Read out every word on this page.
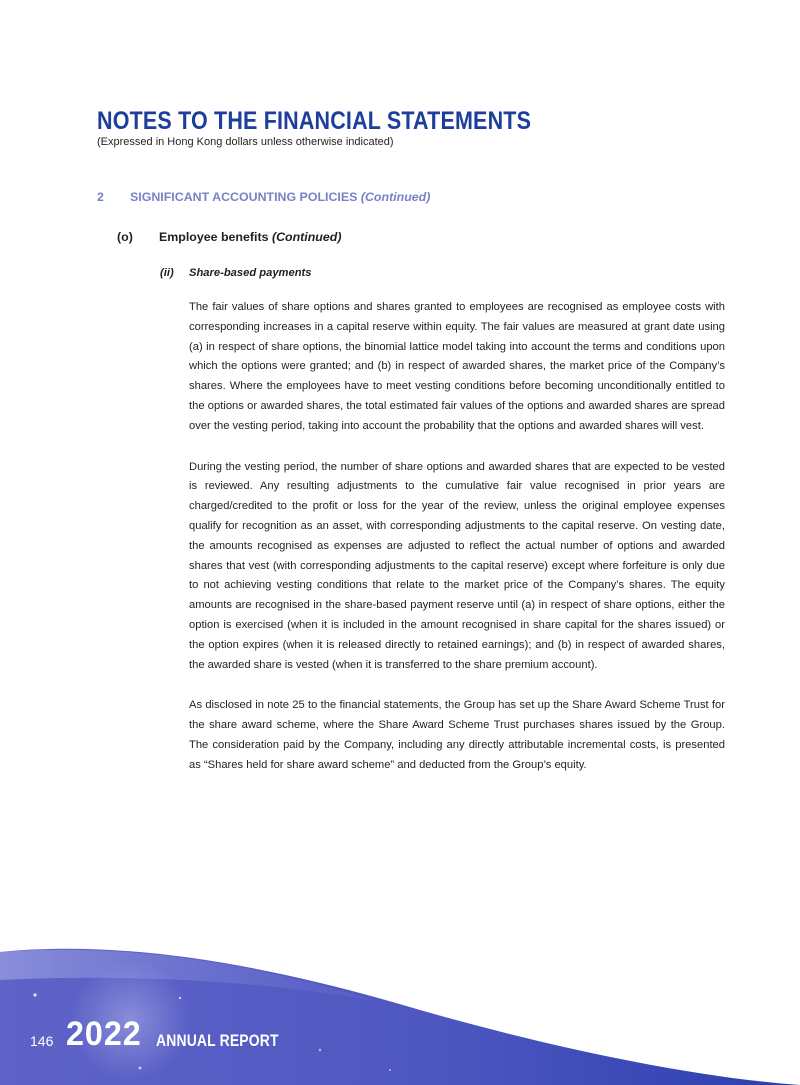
NOTES TO THE FINANCIAL STATEMENTS
(Expressed in Hong Kong dollars unless otherwise indicated)
2 SIGNIFICANT ACCOUNTING POLICIES (Continued)
(o) Employee benefits (Continued)
(ii) Share-based payments

The fair values of share options and shares granted to employees are recognised as employee costs with corresponding increases in a capital reserve within equity. The fair values are measured at grant date using (a) in respect of share options, the binomial lattice model taking into account the terms and conditions upon which the options were granted; and (b) in respect of awarded shares, the market price of the Company’s shares. Where the employees have to meet vesting conditions before becoming unconditionally entitled to the options or awarded shares, the total estimated fair values of the options and awarded shares are spread over the vesting period, taking into account the probability that the options and awarded shares will vest.

During the vesting period, the number of share options and awarded shares that are expected to be vested is reviewed. Any resulting adjustments to the cumulative fair value recognised in prior years are charged/credited to the profit or loss for the year of the review, unless the original employee expenses qualify for recognition as an asset, with corresponding adjustments to the capital reserve. On vesting date, the amounts recognised as expenses are adjusted to reflect the actual number of options and awarded shares that vest (with corresponding adjustments to the capital reserve) except where forfeiture is only due to not achieving vesting conditions that relate to the market price of the Company’s shares. The equity amounts are recognised in the share-based payment reserve until (a) in respect of share options, either the option is exercised (when it is included in the amount recognised in share capital for the shares issued) or the option expires (when it is released directly to retained earnings); and (b) in respect of awarded shares, the awarded share is vested (when it is transferred to the share premium account).

As disclosed in note 25 to the financial statements, the Group has set up the Share Award Scheme Trust for the share award scheme, where the Share Award Scheme Trust purchases shares issued by the Group. The consideration paid by the Company, including any directly attributable incremental costs, is presented as “Shares held for share award scheme” and deducted from the Group’s equity.

146 2022 ANNUAL REPORT
